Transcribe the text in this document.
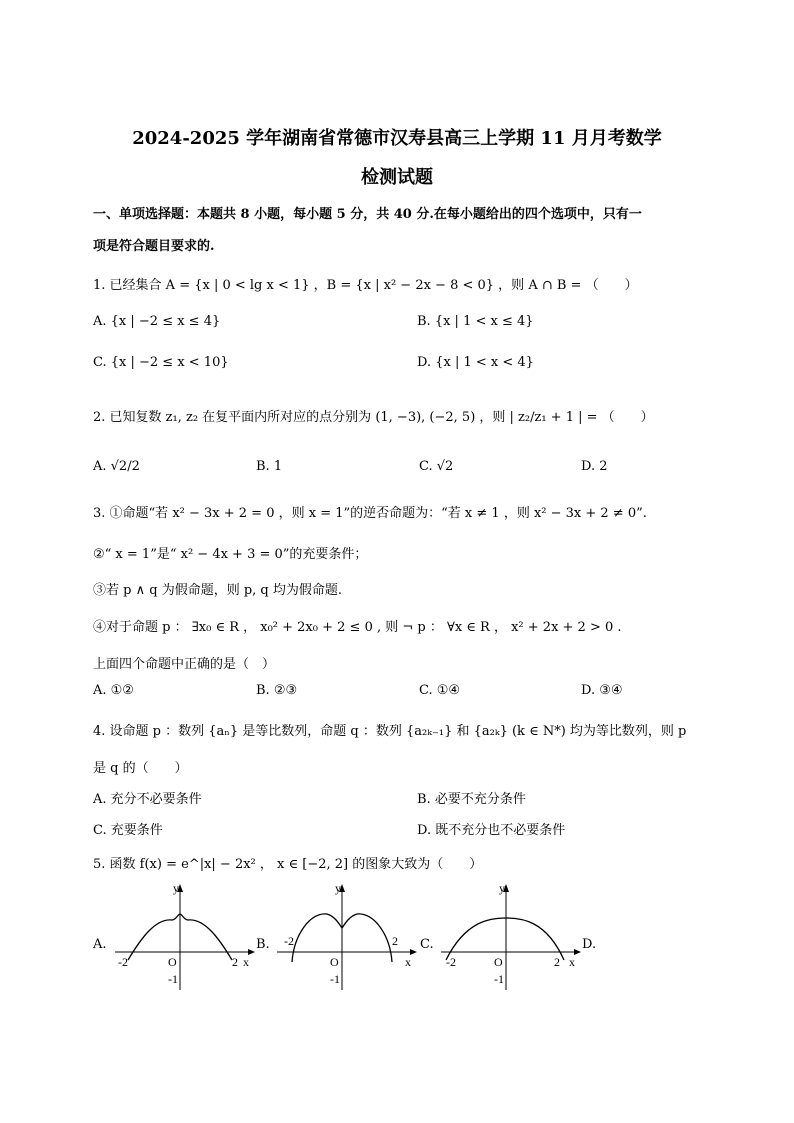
2024-2025 学年湖南省常德市汉寿县高三上学期 11 月月考数学
检测试题
一、单项选择题：本题共 8 小题，每小题 5 分，共 40 分.在每小题给出的四个选项中，只有一
项是符合题目要求的.
1. 已经集合 A = {x | 0 < lg x < 1} ，B = {x | x² − 2x − 8 < 0} ，则 A ∩ B = （　　）
A. {x | −2 ≤ x ≤ 4}	B. {x | 1 < x ≤ 4}
C. {x | −2 ≤ x < 10}	D. {x | 1 < x < 4}
2. 已知复数 z₁, z₂ 在复平面内所对应的点分别为 (1, −3), (−2, 5) ，则 | z₂/z₁ + 1 | = （　　）
A. √2/2	B. 1	C. √2	D. 2
3. ①命题“若 x² − 3x + 2 = 0 ，则 x = 1”的逆否命题为：“若 x ≠ 1 ，则 x² − 3x + 2 ≠ 0”.
②“ x = 1”是“ x² − 4x + 3 = 0”的充要条件；
③若 p ∧ q 为假命题，则 p, q 均为假命题.
④对于命题 p ： ∃x₀ ∈ R ， x₀² + 2x₀ + 2 ≤ 0 , 则 ¬ p ： ∀x ∈ R ， x² + 2x + 2 > 0 .
上面四个命题中正确的是（　）
A. ①②	B. ②③	C. ①④	D. ③④
4. 设命题 p ：数列 {aₙ} 是等比数列，命题 q ：数列 {a₂ₖ₋₁} 和 {a₂ₖ} (k ∈ N*) 均为等比数列，则 p
是 q 的（　　）
A. 充分不必要条件	B. 必要不充分条件
C. 充要条件	D. 既不充分也不必要条件
5. 函数 f(x) = e^|x| − 2x² ， x ∈ [−2, 2] 的图象大致为（　　）
A.	B.	C.	D.
y
x
O
-2	2
-1
y
x
O
-2	2
-1
y
x
O
-2	2
-1
